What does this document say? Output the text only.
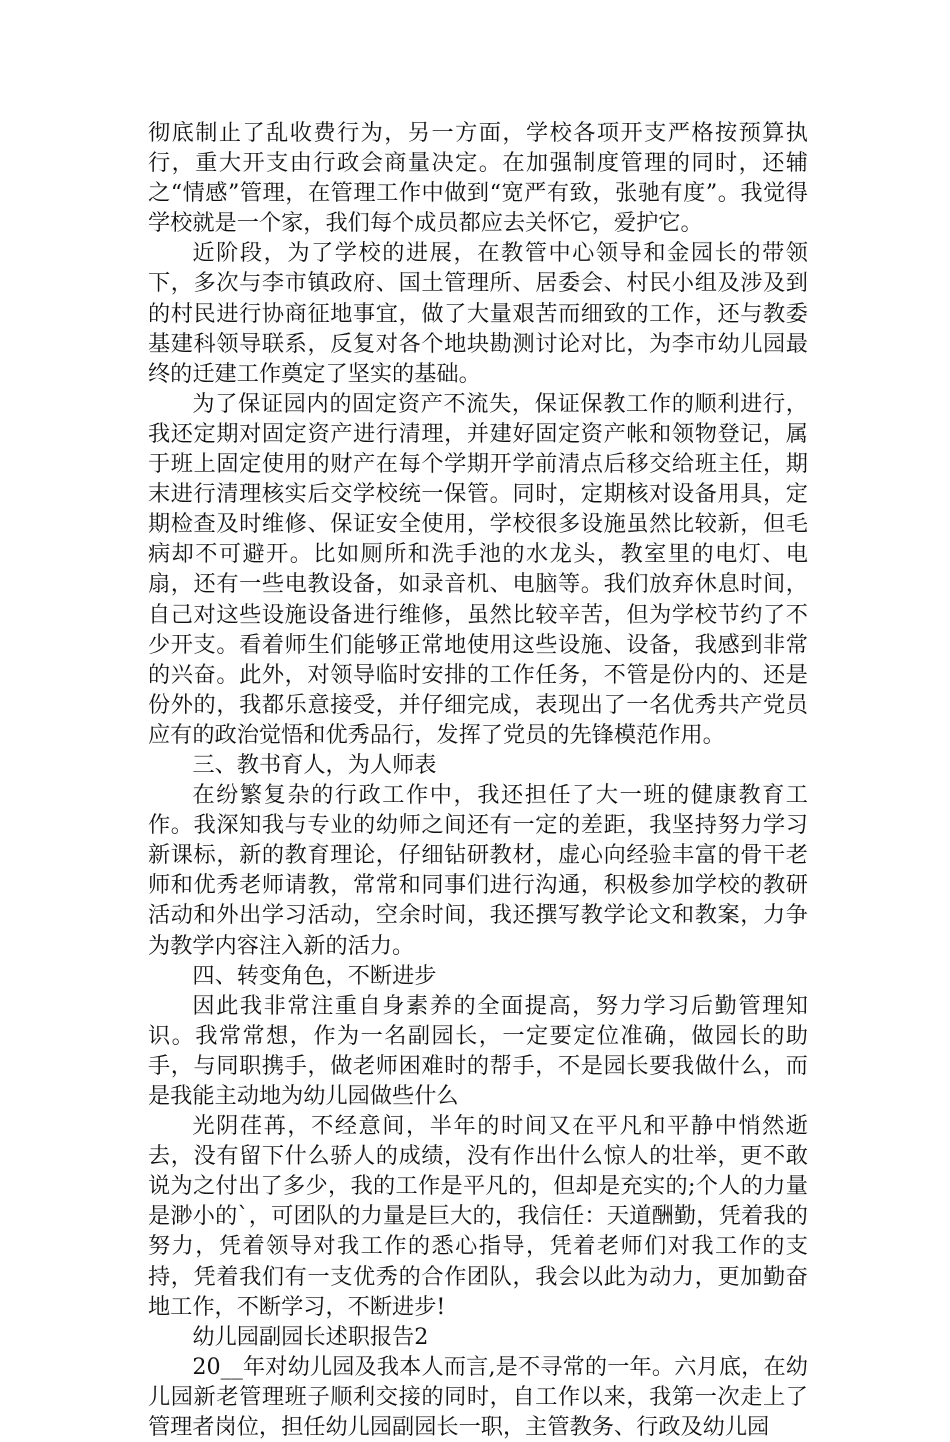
彻底制止了乱收费行为，另一方面，学校各项开支严格按预算执行，重大开支由行政会商量决定。在加强制度管理的同时，还辅之“情感”管理，在管理工作中做到“宽严有致，张驰有度”。我觉得学校就是一个家，我们每个成员都应去关怀它，爱护它。

近阶段，为了学校的进展，在教管中心领导和金园长的带领下，多次与李市镇政府、国土管理所、居委会、村民小组及涉及到的村民进行协商征地事宜，做了大量艰苦而细致的工作，还与教委基建科领导联系，反复对各个地块勘测讨论对比，为李市幼儿园最终的迁建工作奠定了坚实的基础。

为了保证园内的固定资产不流失，保证保教工作的顺利进行，我还定期对固定资产进行清理，并建好固定资产帐和领物登记，属于班上固定使用的财产在每个学期开学前清点后移交给班主任，期末进行清理核实后交学校统一保管。同时，定期核对设备用具，定期检查及时维修、保证安全使用，学校很多设施虽然比较新，但毛病却不可避开。比如厕所和洗手池的水龙头，教室里的电灯、电扇，还有一些电教设备，如录音机、电脑等。我们放弃休息时间，自己对这些设施设备进行维修，虽然比较辛苦，但为学校节约了不少开支。看着师生们能够正常地使用这些设施、设备，我感到非常的兴奋。此外，对领导临时安排的工作任务，不管是份内的、还是份外的，我都乐意接受，并仔细完成，表现出了一名优秀共产党员应有的政治觉悟和优秀品行，发挥了党员的先锋模范作用。

三、教书育人，为人师表

在纷繁复杂的行政工作中，我还担任了大一班的健康教育工作。我深知我与专业的幼师之间还有一定的差距，我坚持努力学习新课标，新的教育理论，仔细钻研教材，虚心向经验丰富的骨干老师和优秀老师请教，常常和同事们进行沟通，积极参加学校的教研活动和外出学习活动，空余时间，我还撰写教学论文和教案，力争为教学内容注入新的活力。

四、转变角色，不断进步

因此我非常注重自身素养的全面提高，努力学习后勤管理知识。我常常想，作为一名副园长，一定要定位准确，做园长的助手，与同职携手，做老师困难时的帮手，不是园长要我做什么，而是我能主动地为幼儿园做些什么

光阴荏苒，不经意间，半年的时间又在平凡和平静中悄然逝去，没有留下什么骄人的成绩，没有作出什么惊人的壮举，更不敢说为之付出了多少，我的工作是平凡的，但却是充实的;个人的力量是渺小的`，可团队的力量是巨大的，我信任：天道酬勤，凭着我的努力，凭着领导对我工作的悉心指导，凭着老师们对我工作的支持，凭着我们有一支优秀的合作团队，我会以此为动力，更加勤奋地工作，不断学习，不断进步!

幼儿园副园长述职报告2

20__年对幼儿园及我本人而言,是不寻常的一年。六月底，在幼儿园新老管理班子顺利交接的同时，自工作以来，我第一次走上了管理者岗位，担任幼儿园副园长一职，主管教务、行政及幼儿园
